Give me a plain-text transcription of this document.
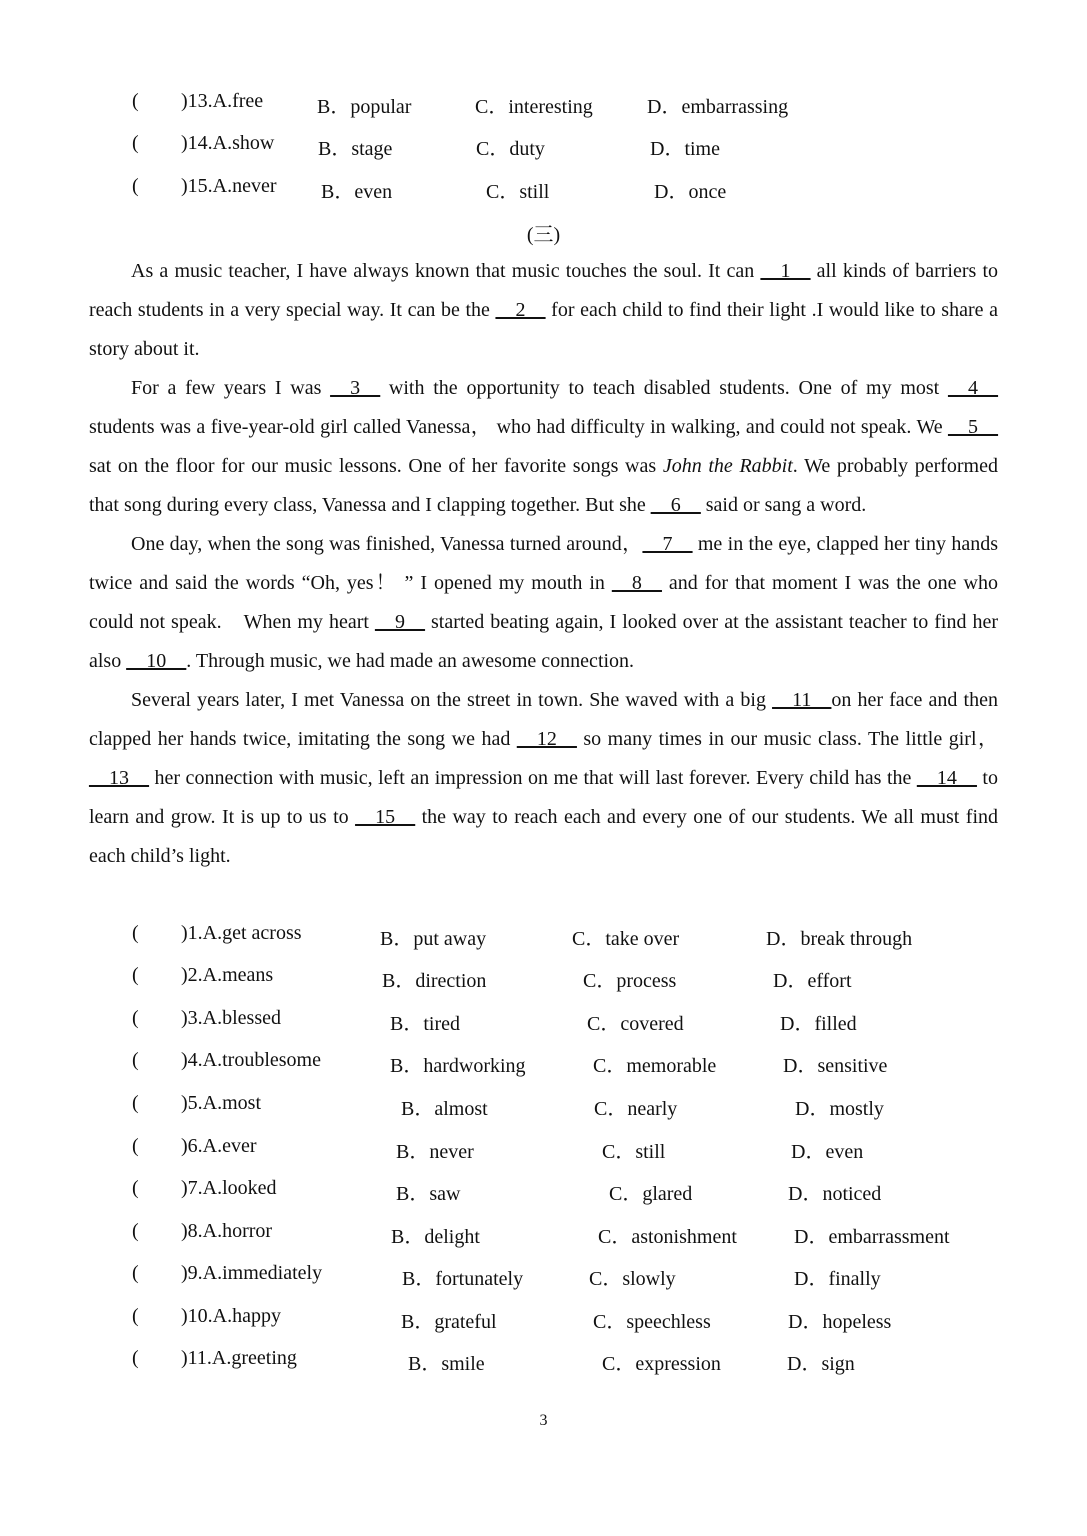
( )13.A.free	B．popular	C．interesting	D．embarrassing
( )14.A.show B．stage	C．duty	D．time
( )15.A.never B．even	C．still	D．once
(三)

As a music teacher, I have always known that music touches the soul. It can __1__ all kinds of barriers to reach students in a very special way. It can be the __2__ for each child to find their light .I would like to share a story about it.

For a few years I was __3__ with the opportunity to teach disabled students. One of my most __4__ students was a five-year-old girl called Vanessa， who had difficulty in walking, and could not speak. We __5__ sat on the floor for our music lessons. One of her favorite songs was John the Rabbit. We probably performed that song during every class, Vanessa and I clapping together. But she __6__ said or sang a word.

One day, when the song was finished, Vanessa turned around，__7__ me in the eye, clapped her tiny hands twice and said the words “Oh, yes！ ” I opened my mouth in __8__ and for that moment I was the one who could not speak.　When my heart __9__ started beating again, I looked over at the assistant teacher to find her also __10__. Through music, we had made an awesome connection.

Several years later, I met Vanessa on the street in town. She waved with a big __11__on her face and then clapped her hands twice, imitating the song we had __12__ so many times in our music class. The little girl，__13__ her connection with music, left an impression on me that will last forever. Every child has the __14__ to learn and grow. It is up to us to __15__ the way to reach each and every one of our students. We all must find each child’s light.

( )1.A.get across	B．put away	C．take over	D．break through
( )2.A.means	B．direction	C．process	D．effort
( )3.A.blessed	B．tired	C．covered	D．filled
( )4.A.troublesome	B．hardworking	C．memorable	D．sensitive
( )5.A.most	B．almost	C．nearly	D．mostly
( )6.A.ever	B．never	C．still	D．even
( )7.A.looked	B．saw	C．glared	D．noticed
( )8.A.horror	B．delight	C．astonishment	D．embarrassment
( )9.A.immediately	B．fortunately	C．slowly	D．finally
( )10.A.happy	B．grateful	C．speechless	D．hopeless
( )11.A.greeting	B．smile	C．expression	D．sign
3
